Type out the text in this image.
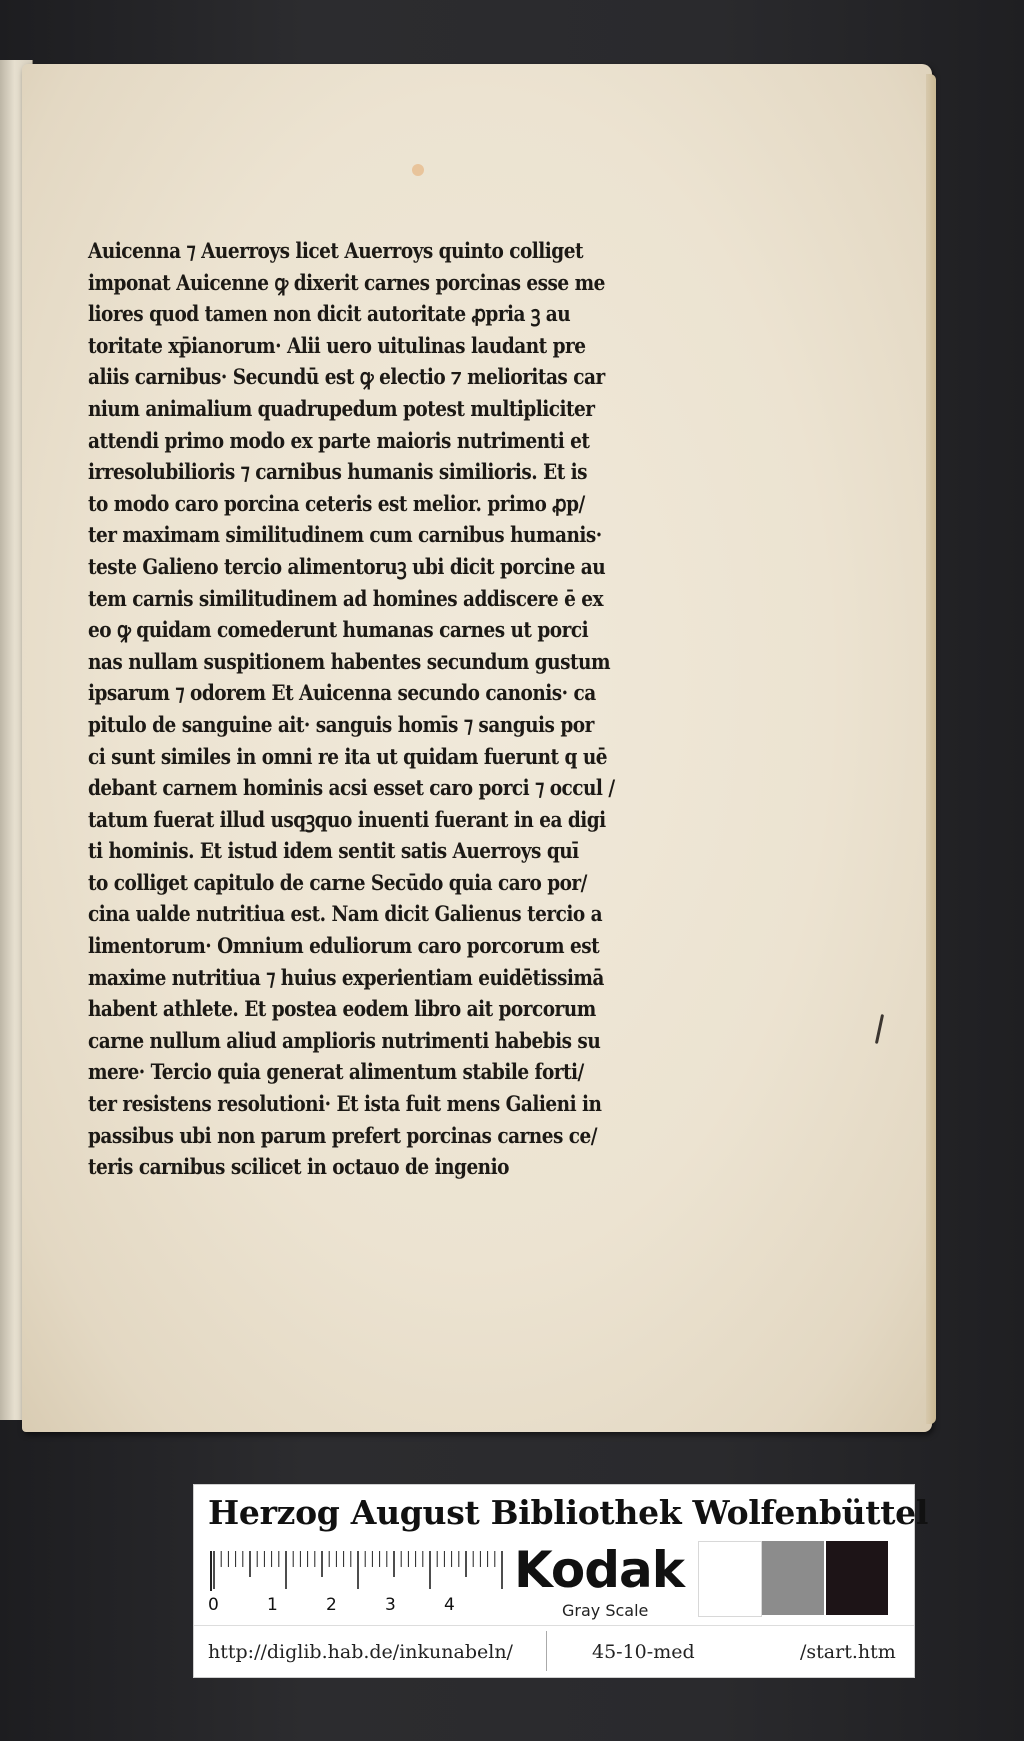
Auicenna ⁊ Auerroys licet Auerroys quinto colliget
imponat Auicenne ꝙ dixerit carnes porcinas esse me
liores quod tamen non dicit autoritate ꝓpria ꝫ au
toritate xp̄ianorum· Alii uero uitulinas laudant pre
aliis carnibus· Secundū est ꝙ electio ⁊ melioritas car
nium animalium quadrupedum potest multipliciter
attendi primo modo ex parte maioris nutrimenti et
irresolubilioris ⁊ carnibus humanis similioris. Et is
to modo caro porcina ceteris est melior. primo ꝓp/
ter maximam similitudinem cum carnibus humanis·
teste Galieno tercio alimentoruꝫ ubi dicit porcine au
tem carnis similitudinem ad homines addiscere ē ex
eo ꝙ quidam comederunt humanas carnes ut porci
nas nullam suspitionem habentes secundum gustum
ipsarum ⁊ odorem Et Auicenna secundo canonis· ca
pitulo de sanguine ait· sanguis homīs ⁊ sanguis por
ci sunt similes in omni re ita ut quidam fuerunt q uē
debant carnem hominis acsi esset caro porci ⁊ occul /
tatum fuerat illud usqꝫquo inuenti fuerant in ea digi
ti hominis. Et istud idem sentit satis Auerroys quī
to colliget capitulo de carne Secūdo quia caro por/
cina ualde nutritiua est. Nam dicit Galienus tercio a
limentorum· Omnium eduliorum caro porcorum est
maxime nutritiua ⁊ huius experientiam euidētissimā
habent athlete. Et postea eodem libro ait porcorum
carne nullum aliud amplioris nutrimenti habebis su
mere· Tercio quia generat alimentum stabile forti/
ter resistens resolutioni· Et ista fuit mens Galieni in
passibus ubi non parum prefert porcinas carnes ce/
teris carnibus scilicet in octauo de ingenio
Herzog August Bibliothek Wolfenbüttel
0	1	2	3	4
Kodak
Gray Scale
http://diglib.hab.de/inkunabeln/	45-10-med	/start.htm
